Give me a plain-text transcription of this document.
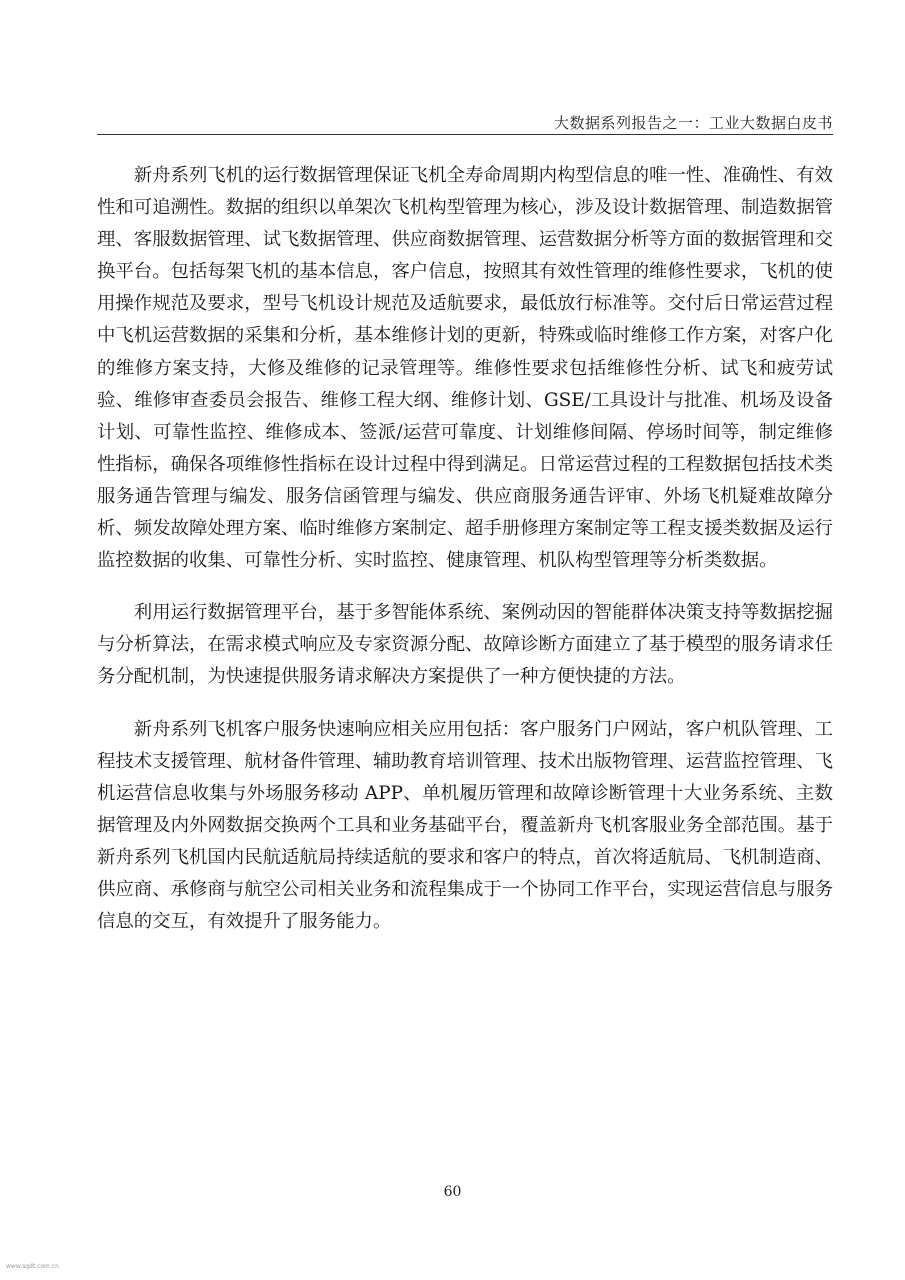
大数据系列报告之一：工业大数据白皮书

新舟系列飞机的运行数据管理保证飞机全寿命周期内构型信息的唯一性、准确性、有效性和可追溯性。数据的组织以单架次飞机构型管理为核心，涉及设计数据管理、制造数据管理、客服数据管理、试飞数据管理、供应商数据管理、运营数据分析等方面的数据管理和交换平台。包括每架飞机的基本信息，客户信息，按照其有效性管理的维修性要求，飞机的使用操作规范及要求，型号飞机设计规范及适航要求，最低放行标准等。交付后日常运营过程中飞机运营数据的采集和分析，基本维修计划的更新，特殊或临时维修工作方案，对客户化的维修方案支持，大修及维修的记录管理等。维修性要求包括维修性分析、试飞和疲劳试验、维修审查委员会报告、维修工程大纲、维修计划、GSE/工具设计与批准、机场及设备计划、可靠性监控、维修成本、签派/运营可靠度、计划维修间隔、停场时间等，制定维修性指标，确保各项维修性指标在设计过程中得到满足。日常运营过程的工程数据包括技术类服务通告管理与编发、服务信函管理与编发、供应商服务通告评审、外场飞机疑难故障分析、频发故障处理方案、临时维修方案制定、超手册修理方案制定等工程支援类数据及运行监控数据的收集、可靠性分析、实时监控、健康管理、机队构型管理等分析类数据。

利用运行数据管理平台，基于多智能体系统、案例动因的智能群体决策支持等数据挖掘与分析算法，在需求模式响应及专家资源分配、故障诊断方面建立了基于模型的服务请求任务分配机制，为快速提供服务请求解决方案提供了一种方便快捷的方法。

新舟系列飞机客户服务快速响应相关应用包括：客户服务门户网站，客户机队管理、工程技术支援管理、航材备件管理、辅助教育培训管理、技术出版物管理、运营监控管理、飞机运营信息收集与外场服务移动 APP、单机履历管理和故障诊断管理十大业务系统、主数据管理及内外网数据交换两个工具和业务基础平台，覆盖新舟飞机客服业务全部范围。基于新舟系列飞机国内民航适航局持续适航的要求和客户的特点，首次将适航局、飞机制造商、供应商、承修商与航空公司相关业务和流程集成于一个协同工作平台，实现运营信息与服务信息的交互，有效提升了服务能力。

60
www.sqdt.com.cn
